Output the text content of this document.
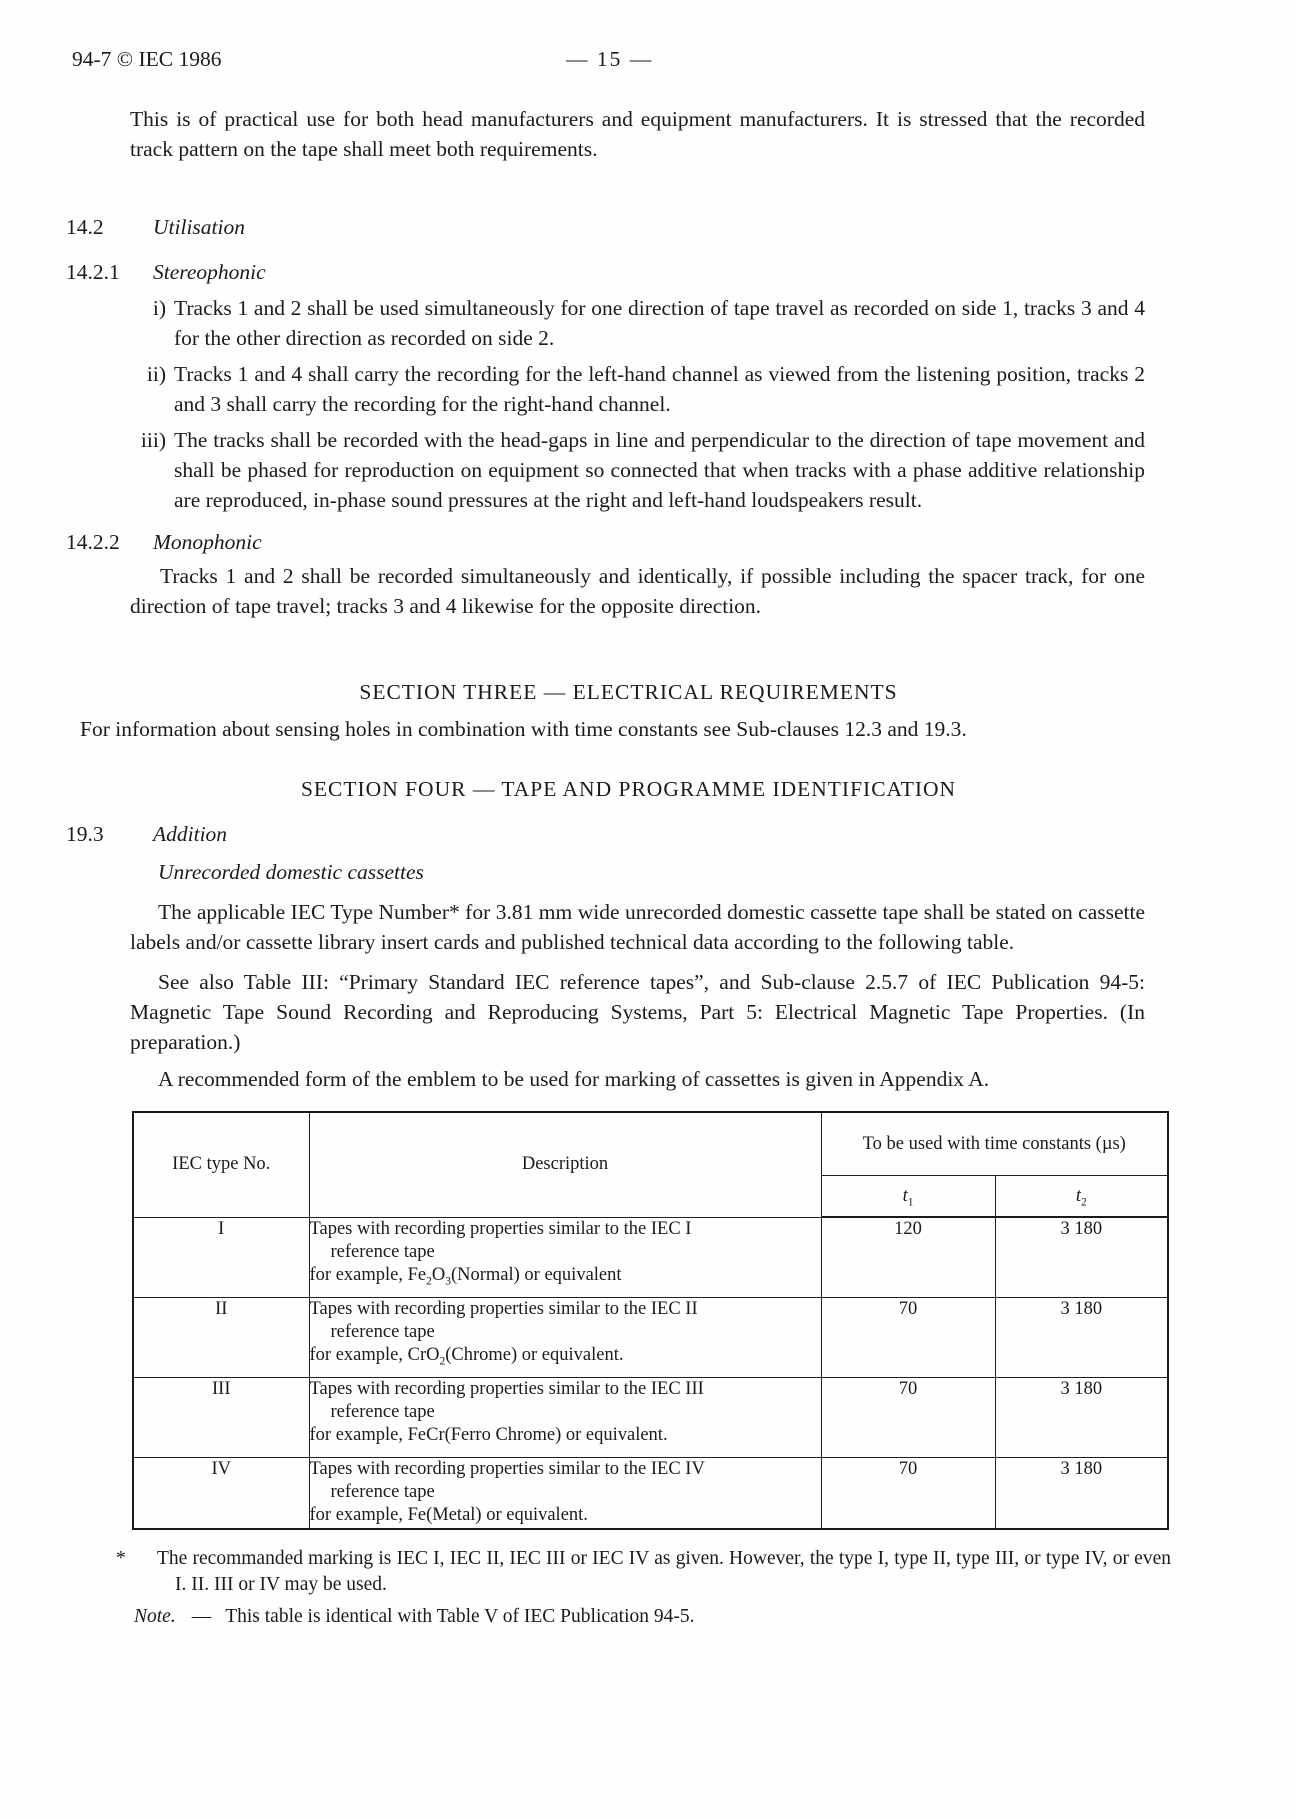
94-7 © IEC 1986	— 15 —

This is of practical use for both head manufacturers and equipment manufacturers. It is stressed that the recorded track pattern on the tape shall meet both requirements.

14.2 Utilisation
14.2.1 Stereophonic
i) Tracks 1 and 2 shall be used simultaneously for one direction of tape travel as recorded on side 1, tracks 3 and 4 for the other direction as recorded on side 2.
ii) Tracks 1 and 4 shall carry the recording for the left-hand channel as viewed from the listening position, tracks 2 and 3 shall carry the recording for the right-hand channel.
iii) The tracks shall be recorded with the head-gaps in line and perpendicular to the direction of tape movement and shall be phased for reproduction on equipment so connected that when tracks with a phase additive relationship are reproduced, in-phase sound pressures at the right and left-hand loudspeakers result.
14.2.2 Monophonic

Tracks 1 and 2 shall be recorded simultaneously and identically, if possible including the spacer track, for one direction of tape travel; tracks 3 and 4 likewise for the opposite direction.

SECTION THREE — ELECTRICAL REQUIREMENTS

For information about sensing holes in combination with time constants see Sub-clauses 12.3 and 19.3.

SECTION FOUR — TAPE AND PROGRAMME IDENTIFICATION
19.3 Addition
Unrecorded domestic cassettes

The applicable IEC Type Number* for 3.81 mm wide unrecorded domestic cassette tape shall be stated on cassette labels and/or cassette library insert cards and published technical data according to the following table.

See also Table III: “Primary Standard IEC reference tapes”, and Sub-clause 2.5.7 of IEC Publication 94-5: Magnetic Tape Sound Recording and Reproducing Systems, Part 5: Electrical Magnetic Tape Properties. (In preparation.)

A recommended form of the emblem to be used for marking of cassettes is given in Appendix A.

IEC type No.	Description	To be used with time constants (µs)	
		$t_1$	$t_2$
I	Tapes with recording properties similar to the IEC I
reference tape
for example, $Fe_2O_3(Normal)$ or equivalent	120	3 180
II	Tapes with recording properties similar to the IEC II
reference tape
for example, CrO$_2$(Chrome) or equivalent.	70	3 180
III	Tapes with recording properties similar to the IEC III
reference tape
for example, FeCr(Ferro Chrome) or equivalent.	70	3 180
IV	Tapes with recording properties similar to the IEC IV
reference tape
for example, Fe(Metal) or equivalent.	70	3 180
*	The recommanded marking is IEC I, IEC II, IEC III or IEC IV as given. However, the type I, type II, type III, or type IV, or even I. II. III or IV may be used.
Note. — This table is identical with Table V of IEC Publication 94-5.
